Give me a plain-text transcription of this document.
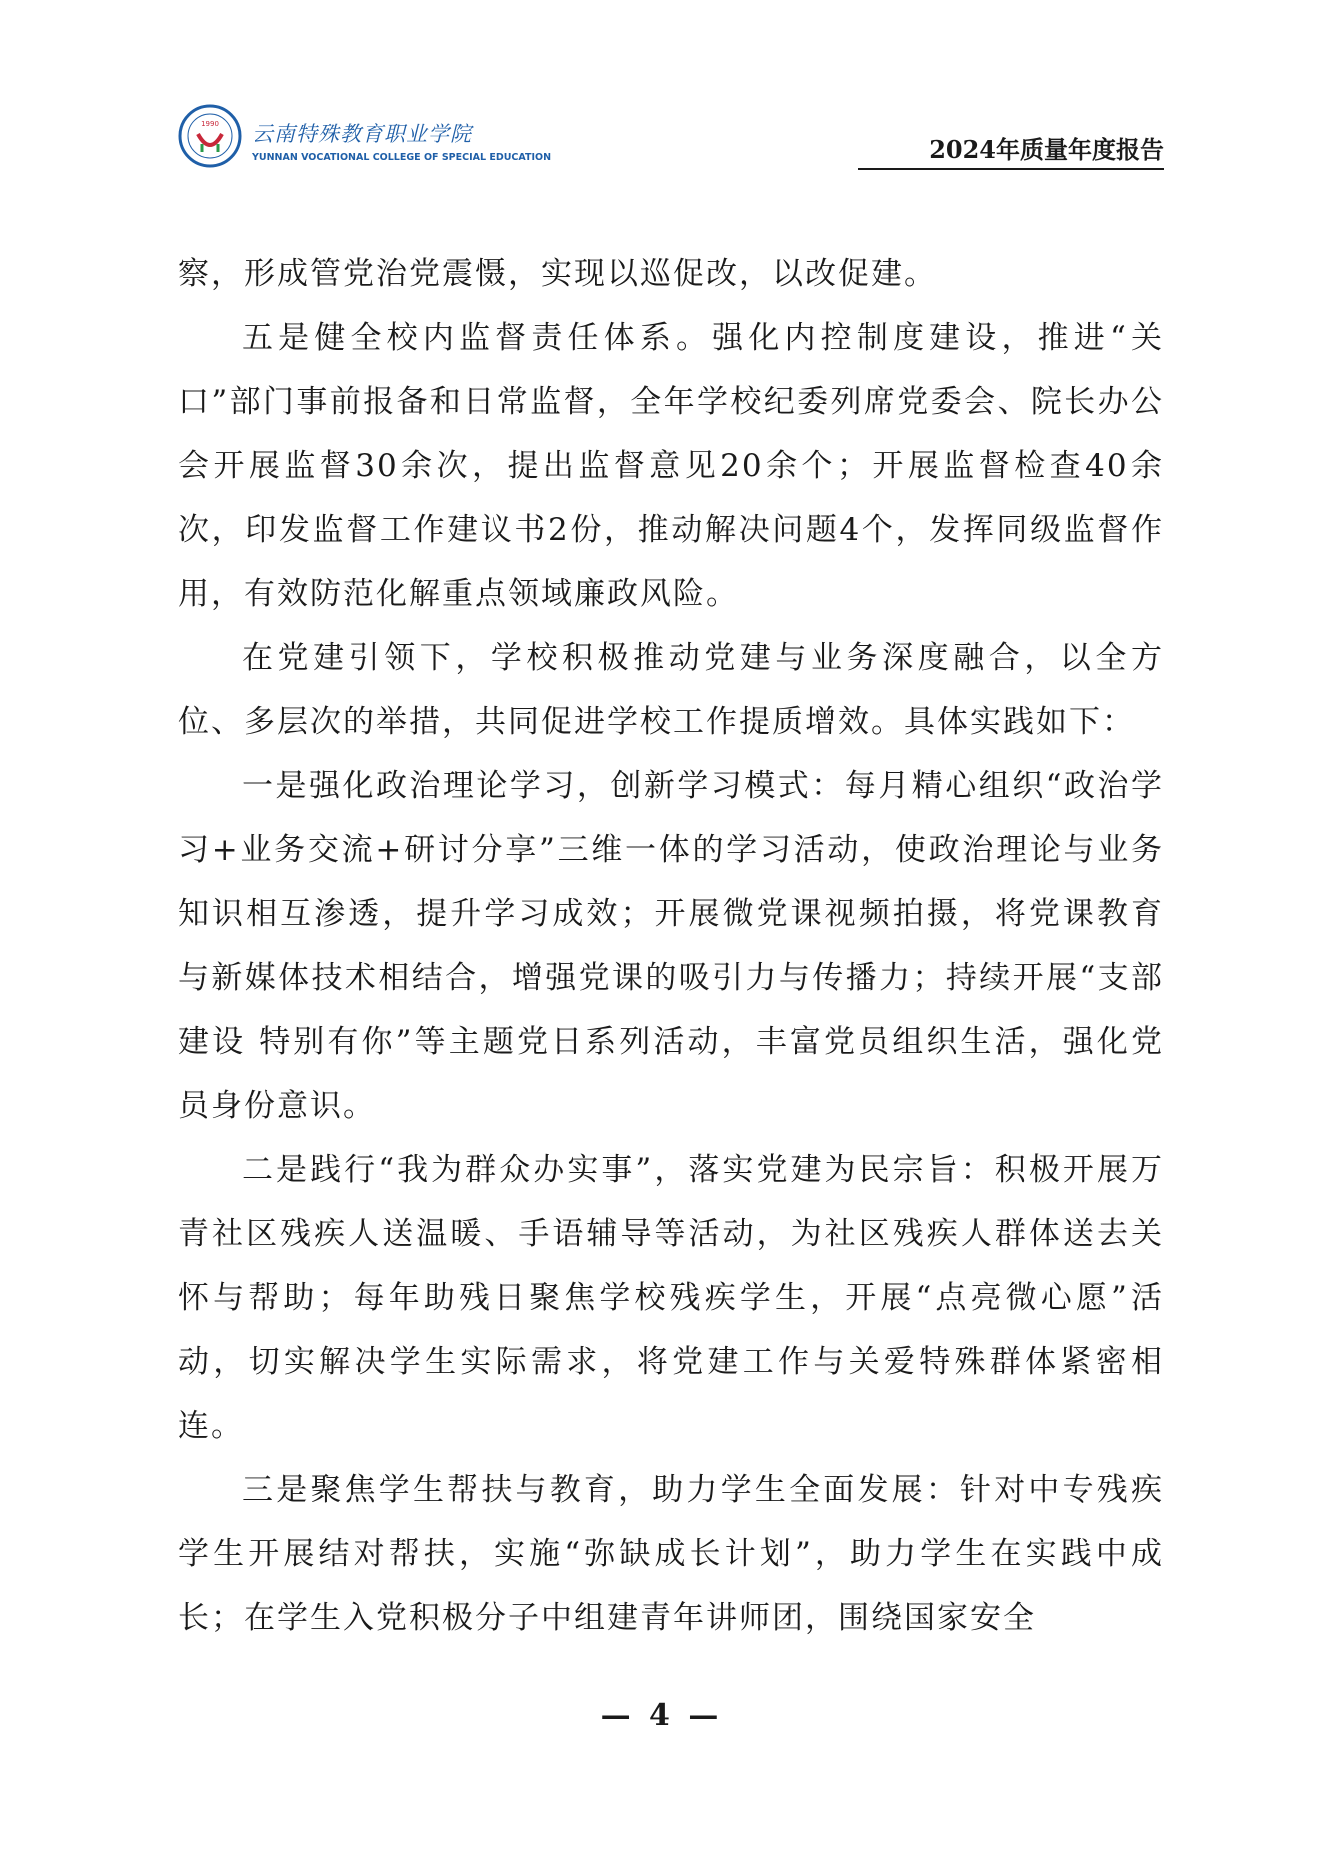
1990 云南特殊教育职业学院
YUNNAN VOCATIONAL COLLEGE OF SPECIAL EDUCATION	2024年质量年度报告

察，形成管党治党震慑，实现以巡促改，以改促建。

五是健全校内监督责任体系。强化内控制度建设，推进“关口”部门事前报备和日常监督，全年学校纪委列席党委会、院长办公会开展监督30余次，提出监督意见20余个；开展监督检查40余次，印发监督工作建议书2份，推动解决问题4个，发挥同级监督作用，有效防范化解重点领域廉政风险。

在党建引领下，学校积极推动党建与业务深度融合，以全方位、多层次的举措，共同促进学校工作提质增效。具体实践如下：

一是强化政治理论学习，创新学习模式：每月精心组织“政治学习+业务交流+研讨分享”三维一体的学习活动，使政治理论与业务知识相互渗透，提升学习成效；开展微党课视频拍摄，将党课教育与新媒体技术相结合，增强党课的吸引力与传播力；持续开展“支部建设 特别有你”等主题党日系列活动，丰富党员组织生活，强化党员身份意识。

二是践行“我为群众办实事”，落实党建为民宗旨：积极开展万青社区残疾人送温暖、手语辅导等活动，为社区残疾人群体送去关怀与帮助；每年助残日聚焦学校残疾学生，开展“点亮微心愿”活动，切实解决学生实际需求，将党建工作与关爱特殊群体紧密相连。

三是聚焦学生帮扶与教育，助力学生全面发展：针对中专残疾学生开展结对帮扶，实施“弥缺成长计划”，助力学生在实践中成长；在学生入党积极分子中组建青年讲师团，围绕国家安全

— 4 —
